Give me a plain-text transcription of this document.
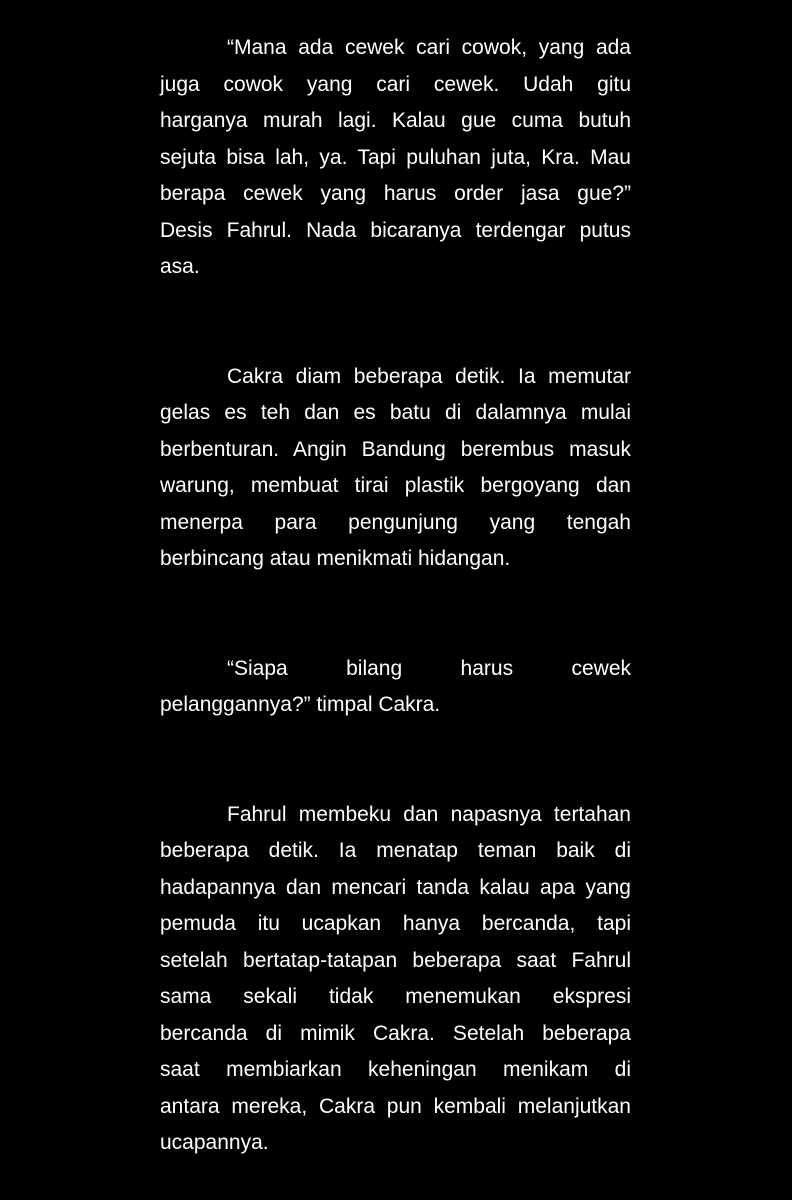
“Mana ada cewek cari cowok, yang ada
juga cowok yang cari cewek. Udah gitu
harganya murah lagi. Kalau gue cuma butuh
sejuta bisa lah, ya. Tapi puluhan juta, Kra. Mau
berapa cewek yang harus order jasa gue?”
Desis Fahrul. Nada bicaranya terdengar putus
asa.

Cakra diam beberapa detik. Ia memutar
gelas es teh dan es batu di dalamnya mulai
berbenturan. Angin Bandung berembus masuk
warung, membuat tirai plastik bergoyang dan
menerpa para pengunjung yang tengah
berbincang atau menikmati hidangan.

“Siapa bilang harus cewek
pelanggannya?” timpal Cakra.

Fahrul membeku dan napasnya tertahan
beberapa detik. Ia menatap teman baik di
hadapannya dan mencari tanda kalau apa yang
pemuda itu ucapkan hanya bercanda, tapi
setelah bertatap-tatapan beberapa saat Fahrul
sama sekali tidak menemukan ekspresi
bercanda di mimik Cakra. Setelah beberapa
saat membiarkan keheningan menikam di
antara mereka, Cakra pun kembali melanjutkan
ucapannya.
